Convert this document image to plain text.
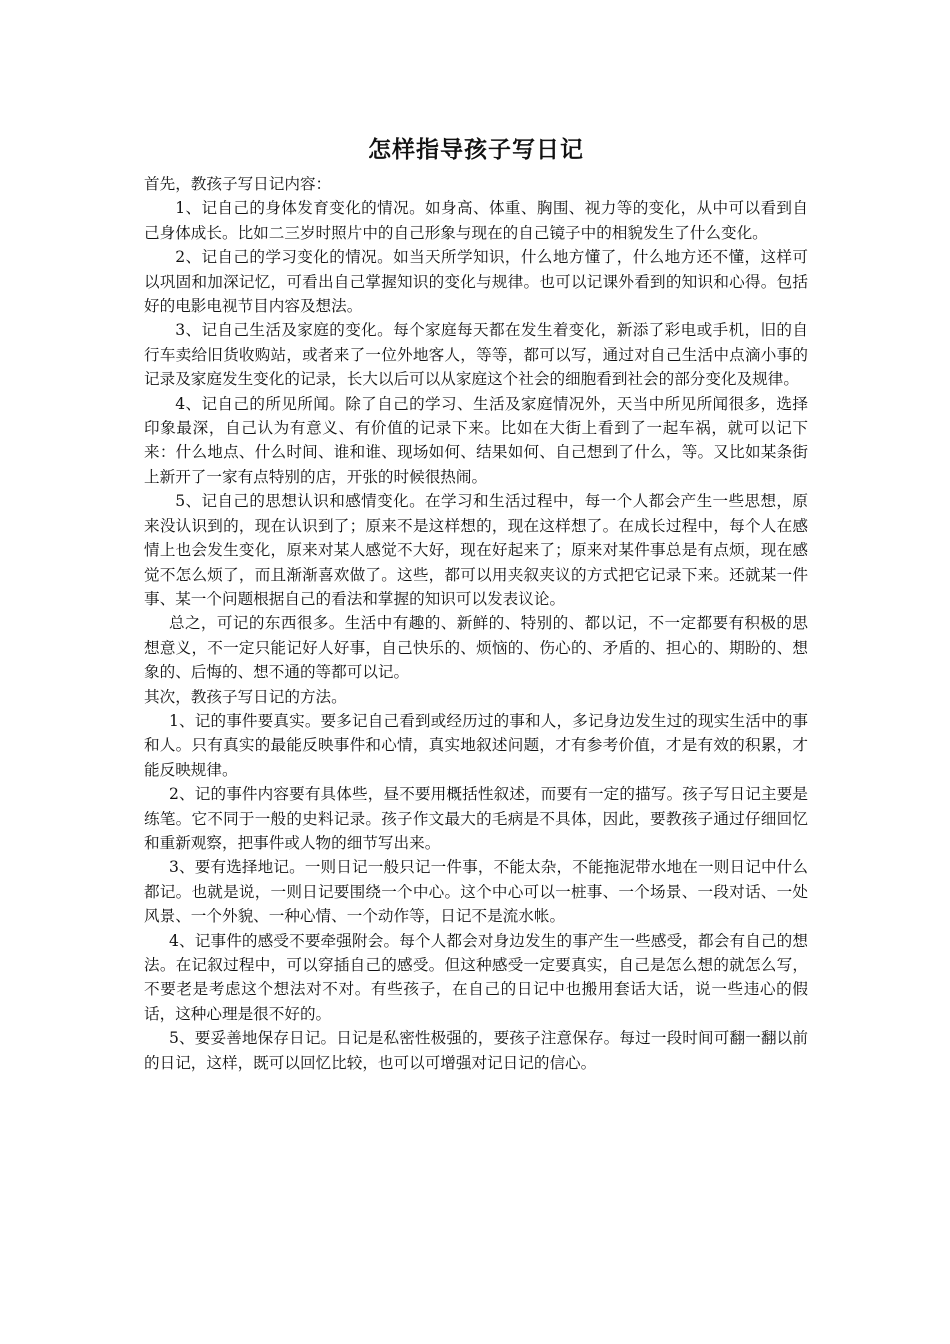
怎样指导孩子写日记

首先，教孩子写日记内容：

1、记自己的身体发育变化的情况。如身高、体重、胸围、视力等的变化，从中可以看到自己身体成长。比如二三岁时照片中的自己形象与现在的自己镜子中的相貌发生了什么变化。

2、记自己的学习变化的情况。如当天所学知识，什么地方懂了，什么地方还不懂，这样可以巩固和加深记忆，可看出自己掌握知识的变化与规律。也可以记课外看到的知识和心得。包括好的电影电视节目内容及想法。

3、记自己生活及家庭的变化。每个家庭每天都在发生着变化，新添了彩电或手机，旧的自行车卖给旧货收购站，或者来了一位外地客人，等等，都可以写，通过对自己生活中点滴小事的记录及家庭发生变化的记录，长大以后可以从家庭这个社会的细胞看到社会的部分变化及规律。

4、记自己的所见所闻。除了自己的学习、生活及家庭情况外，天当中所见所闻很多，选择印象最深，自己认为有意义、有价值的记录下来。比如在大街上看到了一起车祸，就可以记下来：什么地点、什么时间、谁和谁、现场如何、结果如何、自己想到了什么，等。又比如某条街上新开了一家有点特别的店，开张的时候很热闹。

5、记自己的思想认识和感情变化。在学习和生活过程中，每一个人都会产生一些思想，原来没认识到的，现在认识到了；原来不是这样想的，现在这样想了。在成长过程中，每个人在感情上也会发生变化，原来对某人感觉不大好，现在好起来了；原来对某件事总是有点烦，现在感觉不怎么烦了，而且渐渐喜欢做了。这些，都可以用夹叙夹议的方式把它记录下来。还就某一件事、某一个问题根据自己的看法和掌握的知识可以发表议论。

总之，可记的东西很多。生活中有趣的、新鲜的、特别的、都以记，不一定都要有积极的思想意义，不一定只能记好人好事，自己快乐的、烦恼的、伤心的、矛盾的、担心的、期盼的、想象的、后悔的、想不通的等都可以记。

其次，教孩子写日记的方法。

1、记的事件要真实。要多记自己看到或经历过的事和人，多记身边发生过的现实生活中的事和人。只有真实的最能反映事件和心情，真实地叙述问题，才有参考价值，才是有效的积累，才能反映规律。

2、记的事件内容要有具体些，昼不要用概括性叙述，而要有一定的描写。孩子写日记主要是练笔。它不同于一般的史料记录。孩子作文最大的毛病是不具体，因此，要教孩子通过仔细回忆和重新观察，把事件或人物的细节写出来。

3、要有选择地记。一则日记一般只记一件事，不能太杂，不能拖泥带水地在一则日记中什么都记。也就是说，一则日记要围绕一个中心。这个中心可以一桩事、一个场景、一段对话、一处风景、一个外貌、一种心情、一个动作等，日记不是流水帐。

4、记事件的感受不要牵强附会。每个人都会对身边发生的事产生一些感受，都会有自己的想法。在记叙过程中，可以穿插自己的感受。但这种感受一定要真实，自己是怎么想的就怎么写，不要老是考虑这个想法对不对。有些孩子，在自己的日记中也搬用套话大话，说一些违心的假话，这种心理是很不好的。

5、要妥善地保存日记。日记是私密性极强的，要孩子注意保存。每过一段时间可翻一翻以前的日记，这样，既可以回忆比较，也可以可增强对记日记的信心。
